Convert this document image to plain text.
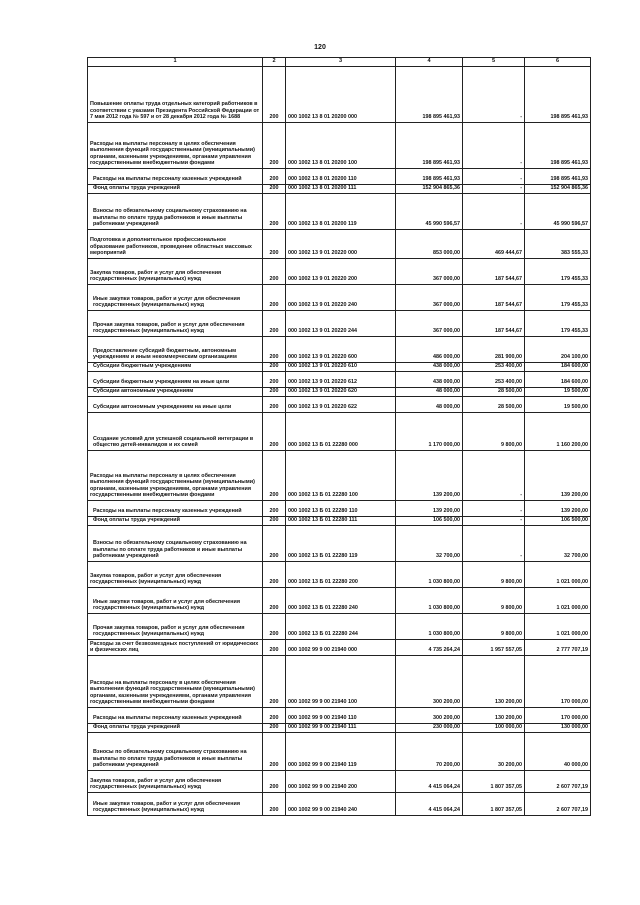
120
1	2	3	4	5	6
Повышение оплаты труда отдельных категорий работников в соответствии с указами Президента Российской Федерации от 7 мая 2012 года № 597 и от 28 декабря 2012 года № 1688	200	000 1002 13 8 01 20200 000	198 895 461,93	-	198 895 461,93
Расходы на выплаты персоналу в целях обеспечения выполнения функций государственными (муниципальными) органами, казенными учреждениями, органами управления государственными внебюджетными фондами	200	000 1002 13 8 01 20200 100	198 895 461,93	-	198 895 461,93
Расходы на выплаты персоналу казенных учреждений	200	000 1002 13 8 01 20200 110	198 895 461,93	-	198 895 461,93
Фонд оплаты труда учреждений	200	000 1002 13 8 01 20200 111	152 904 865,36	-	152 904 865,36
Взносы по обязательному социальному страхованию на выплаты по оплате труда работников и иные выплаты работникам учреждений	200	000 1002 13 8 01 20200 119	45 990 596,57	-	45 990 596,57
Подготовка и дополнительное профессиональное образование работников, проведение областных массовых мероприятий	200	000 1002 13 9 01 20220 000	853 000,00	469 444,67	383 555,33
Закупка товаров, работ и услуг для обеспечения государственных (муниципальных) нужд	200	000 1002 13 9 01 20220 200	367 000,00	187 544,67	179 455,33
Иные закупки товаров, работ и услуг для обеспечения государственных (муниципальных) нужд	200	000 1002 13 9 01 20220 240	367 000,00	187 544,67	179 455,33
Прочая закупка товаров, работ и услуг для обеспечения государственных (муниципальных) нужд	200	000 1002 13 9 01 20220 244	367 000,00	187 544,67	179 455,33
Предоставление субсидий бюджетным, автономным учреждениям и иным некоммерческим организациям	200	000 1002 13 9 01 20220 600	486 000,00	281 900,00	204 100,00
Субсидии бюджетным учреждениям	200	000 1002 13 9 01 20220 610	438 000,00	253 400,00	184 600,00
Субсидии бюджетным учреждениям на иные цели	200	000 1002 13 9 01 20220 612	438 000,00	253 400,00	184 600,00
Субсидии автономным учреждениям	200	000 1002 13 9 01 20220 620	48 000,00	28 500,00	19 500,00
Субсидии автономным учреждениям на иные цели	200	000 1002 13 9 01 20220 622	48 000,00	28 500,00	19 500,00
Создание условий для успешной социальной интеграции в общество детей-инвалидов и их семей	200	000 1002 13 Б 01 22280 000	1 170 000,00	9 800,00	1 160 200,00
Расходы на выплаты персоналу в целях обеспечения выполнения функций государственными (муниципальными) органами, казенными учреждениями, органами управления государственными внебюджетными фондами	200	000 1002 13 Б 01 22280 100	139 200,00	-	139 200,00
Расходы на выплаты персоналу казенных учреждений	200	000 1002 13 Б 01 22280 110	139 200,00	-	139 200,00
Фонд оплаты труда учреждений	200	000 1002 13 Б 01 22280 111	106 500,00	-	106 500,00
Взносы по обязательному социальному страхованию на выплаты по оплате труда работников и иные выплаты работникам учреждений	200	000 1002 13 Б 01 22280 119	32 700,00	-	32 700,00
Закупка товаров, работ и услуг для обеспечения государственных (муниципальных) нужд	200	000 1002 13 Б 01 22280 200	1 030 800,00	9 800,00	1 021 000,00
Иные закупки товаров, работ и услуг для обеспечения государственных (муниципальных) нужд	200	000 1002 13 Б 01 22280 240	1 030 800,00	9 800,00	1 021 000,00
Прочая закупка товаров, работ и услуг для обеспечения государственных (муниципальных) нужд	200	000 1002 13 Б 01 22280 244	1 030 800,00	9 800,00	1 021 000,00
Расходы за счет безвозмездных поступлений от юридических и физических лиц	200	000 1002 99 9 00 21940 000	4 735 264,24	1 957 557,05	2 777 707,19
Расходы на выплаты персоналу в целях обеспечения выполнения функций государственными (муниципальными) органами, казенными учреждениями, органами управления государственными внебюджетными фондами	200	000 1002 99 9 00 21940 100	300 200,00	130 200,00	170 000,00
Расходы на выплаты персоналу казенных учреждений	200	000 1002 99 9 00 21940 110	300 200,00	130 200,00	170 000,00
Фонд оплаты труда учреждений	200	000 1002 99 9 00 21940 111	230 000,00	100 000,00	130 000,00
Взносы по обязательному социальному страхованию на выплаты по оплате труда работников и иные выплаты работникам учреждений	200	000 1002 99 9 00 21940 119	70 200,00	30 200,00	40 000,00
Закупка товаров, работ и услуг для обеспечения государственных (муниципальных) нужд	200	000 1002 99 9 00 21940 200	4 415 064,24	1 807 357,05	2 607 707,19
Иные закупки товаров, работ и услуг для обеспечения государственных (муниципальных) нужд	200	000 1002 99 9 00 21940 240	4 415 064,24	1 807 357,05	2 607 707,19
